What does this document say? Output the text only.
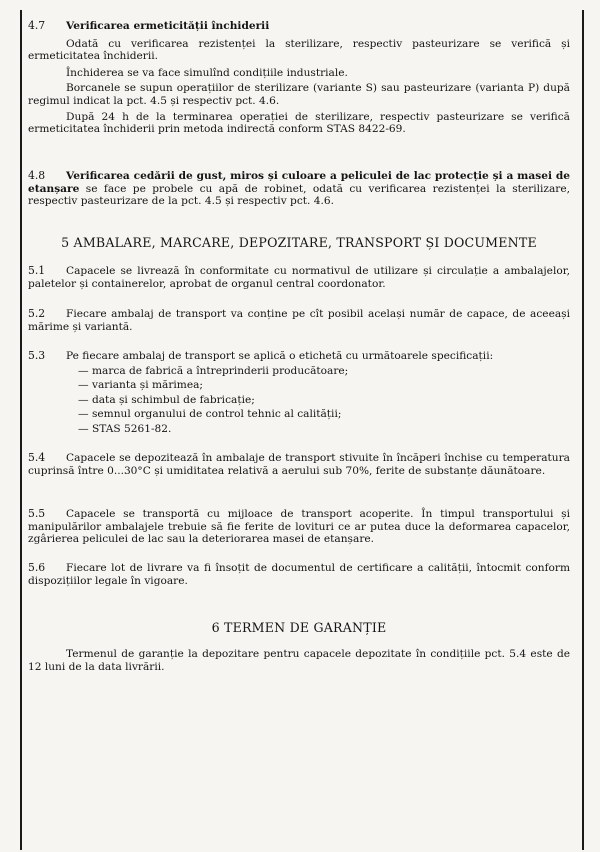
4.7 Verificarea ermeticității închiderii
Odată cu verificarea rezistenței la sterilizare, respectiv pasteurizare se verifică și ermeticitatea închiderii.
Închiderea se va face simulînd condițiile industriale.
Borcanele se supun operațiilor de sterilizare (variante S) sau pasteurizare (varianta P) după regimul indicat la pct. 4.5 și respectiv pct. 4.6.
După 24 h de la terminarea operației de sterilizare, respectiv pasteurizare se verifică ermeticitatea închiderii prin metoda indirectă conform STAS 8422-69.
4.8 Verificarea cedării de gust, miros și culoare a peliculei de lac protecție și a masei de etanșare se face pe probele cu apă de robinet, odată cu verificarea rezistenței la sterilizare, respectiv pasteurizare de la pct. 4.5 și respectiv pct. 4.6.
5 AMBALARE, MARCARE, DEPOZITARE, TRANSPORT ȘI DOCUMENTE
5.1 Capacele se livrează în conformitate cu normativul de utilizare și circulație a ambalajelor, paletelor și containerelor, aprobat de organul central coordonator.
5.2 Fiecare ambalaj de transport va conține pe cît posibil același număr de capace, de aceeași mărime și variantă.
5.3 Pe fiecare ambalaj de transport se aplică o etichetă cu următoarele specificații:
— marca de fabrică a întreprinderii producătoare;
— varianta și mărimea;
— data și schimbul de fabricație;
— semnul organului de control tehnic al calității;
— STAS 5261-82.
5.4 Capacele se depozitează în ambalaje de transport stivuite în încăperi închise cu temperatura cuprinsă între 0...30°C și umiditatea relativă a aerului sub 70%, ferite de substanțe dăunătoare.
5.5 Capacele se transportă cu mijloace de transport acoperite. În timpul transportului și manipulărilor ambalajele trebuie să fie ferite de lovituri ce ar putea duce la deformarea capacelor, zgârierea peliculei de lac sau la deteriorarea masei de etanșare.
5.6 Fiecare lot de livrare va fi însoțit de documentul de certificare a calității, întocmit conform dispozițiilor legale în vigoare.
6 TERMEN DE GARANȚIE
Termenul de garanție la depozitare pentru capacele depozitate în condițiile pct. 5.4 este de 12 luni de la data livrării.
